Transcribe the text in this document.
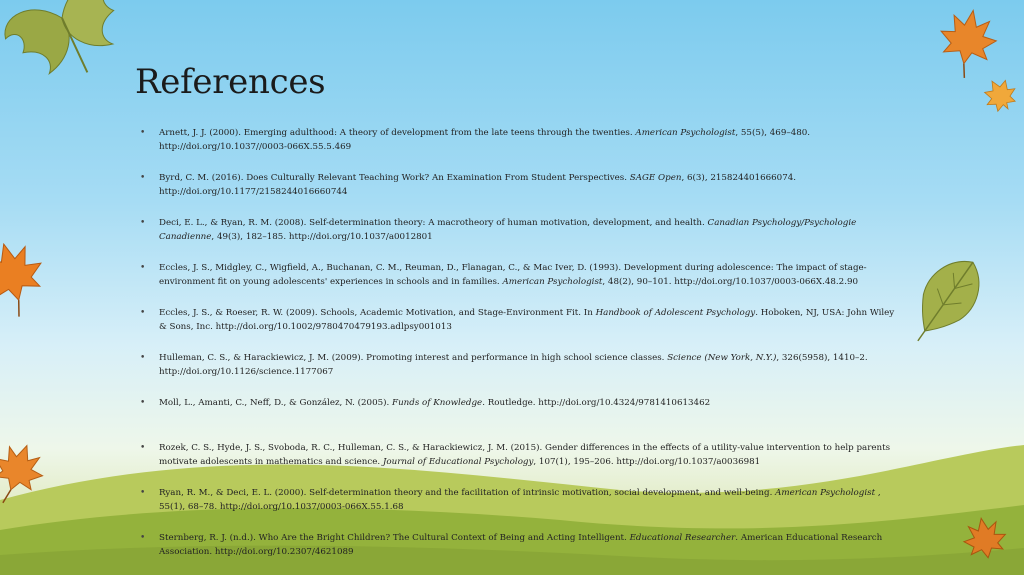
References
• Arnett, J. J. (2000). Emerging adulthood: A theory of development from the late teens through the twenties. American Psychologist, 55(5), 469–480. http://doi.org/10.1037//0003-066X.55.5.469
• Byrd, C. M. (2016). Does Culturally Relevant Teaching Work? An Examination From Student Perspectives. SAGE Open, 6(3), 215824401666074. http://doi.org/10.1177/2158244016660744
• Deci, E. L., & Ryan, R. M. (2008). Self-determination theory: A macrotheory of human motivation, development, and health. Canadian Psychology/Psychologie Canadienne, 49(3), 182–185. http://doi.org/10.1037/a0012801
• Eccles, J. S., Midgley, C., Wigfield, A., Buchanan, C. M., Reuman, D., Flanagan, C., & Mac Iver, D. (1993). Development during adolescence: The impact of stage-environment fit on young adolescents' experiences in schools and in families. American Psychologist, 48(2), 90–101. http://doi.org/10.1037/0003-066X.48.2.90
• Eccles, J. S., & Roeser, R. W. (2009). Schools, Academic Motivation, and Stage-Environment Fit. In Handbook of Adolescent Psychology. Hoboken, NJ, USA: John Wiley & Sons, Inc. http://doi.org/10.1002/9780470479193.adlpsy001013
• Hulleman, C. S., & Harackiewicz, J. M. (2009). Promoting interest and performance in high school science classes. Science (New York, N.Y.), 326(5958), 1410–2. http://doi.org/10.1126/science.1177067
• Moll, L., Amanti, C., Neff, D., & González, N. (2005). Funds of Knowledge. Routledge. http://doi.org/10.4324/9781410613462
• Rozek, C. S., Hyde, J. S., Svoboda, R. C., Hulleman, C. S., & Harackiewicz, J. M. (2015). Gender differences in the effects of a utility-value intervention to help parents motivate adolescents in mathematics and science. Journal of Educational Psychology, 107(1), 195–206. http://doi.org/10.1037/a0036981
• Ryan, R. M., & Deci, E. L. (2000). Self-determination theory and the facilitation of intrinsic motivation, social development, and well-being. American Psychologist , 55(1), 68–78. http://doi.org/10.1037/0003-066X.55.1.68
• Sternberg, R. J. (n.d.). Who Are the Bright Children? The Cultural Context of Being and Acting Intelligent. Educational Researcher. American Educational Research Association. http://doi.org/10.2307/4621089
